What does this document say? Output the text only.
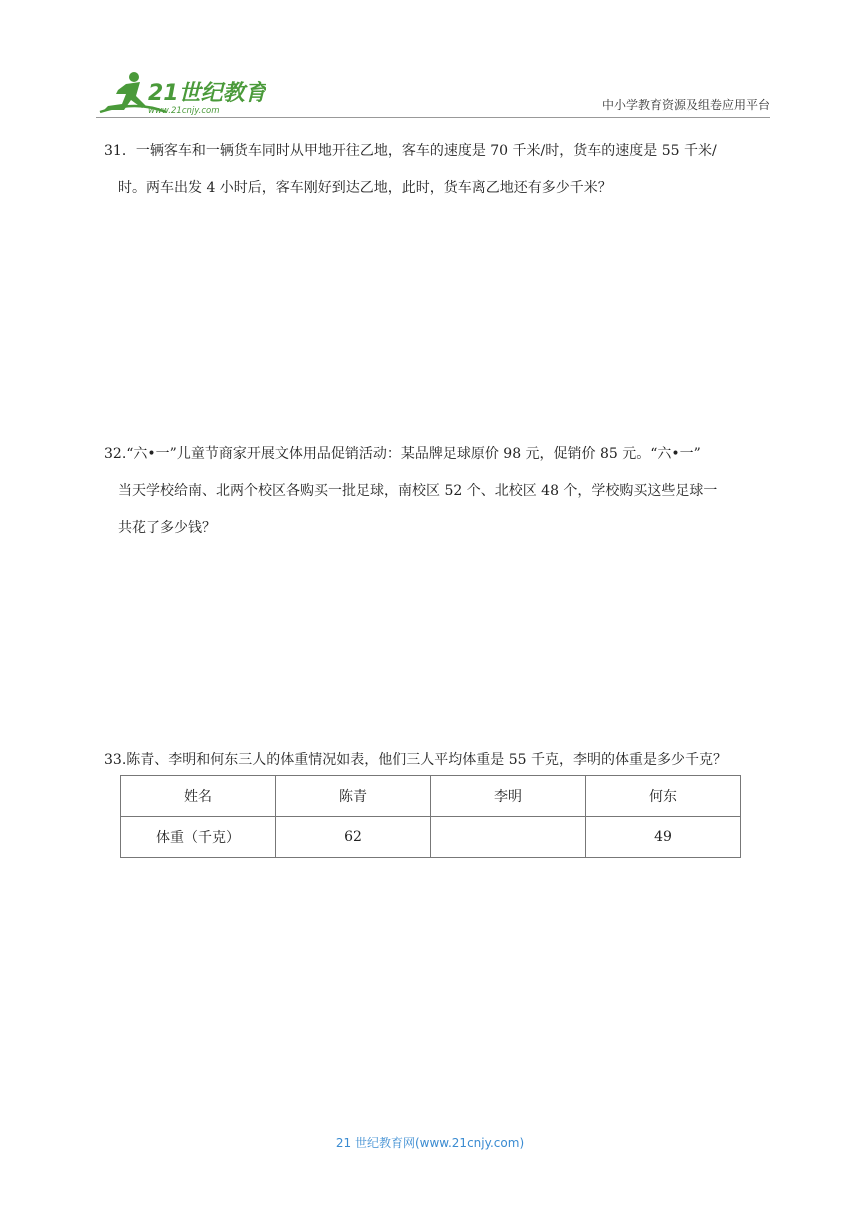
21世纪教育
www.21cnjy.com	中小学教育资源及组卷应用平台

31．一辆客车和一辆货车同时从甲地开往乙地，客车的速度是 70 千米/时，货车的速度是 55 千米/

时。两车出发 4 小时后，客车刚好到达乙地，此时，货车离乙地还有多少千米？

32.“六•一”儿童节商家开展文体用品促销活动：某品牌足球原价 98 元，促销价 85 元。“六•一”

当天学校给南、北两个校区各购买一批足球，南校区 52 个、北校区 48 个，学校购买这些足球一

共花了多少钱？

33.陈青、李明和何东三人的体重情况如表，他们三人平均体重是 55 千克，李明的体重是多少千克？

姓名	陈青	李明	何东
体重（千克）	62		49
21 世纪教育网(www.21cnjy.com)
